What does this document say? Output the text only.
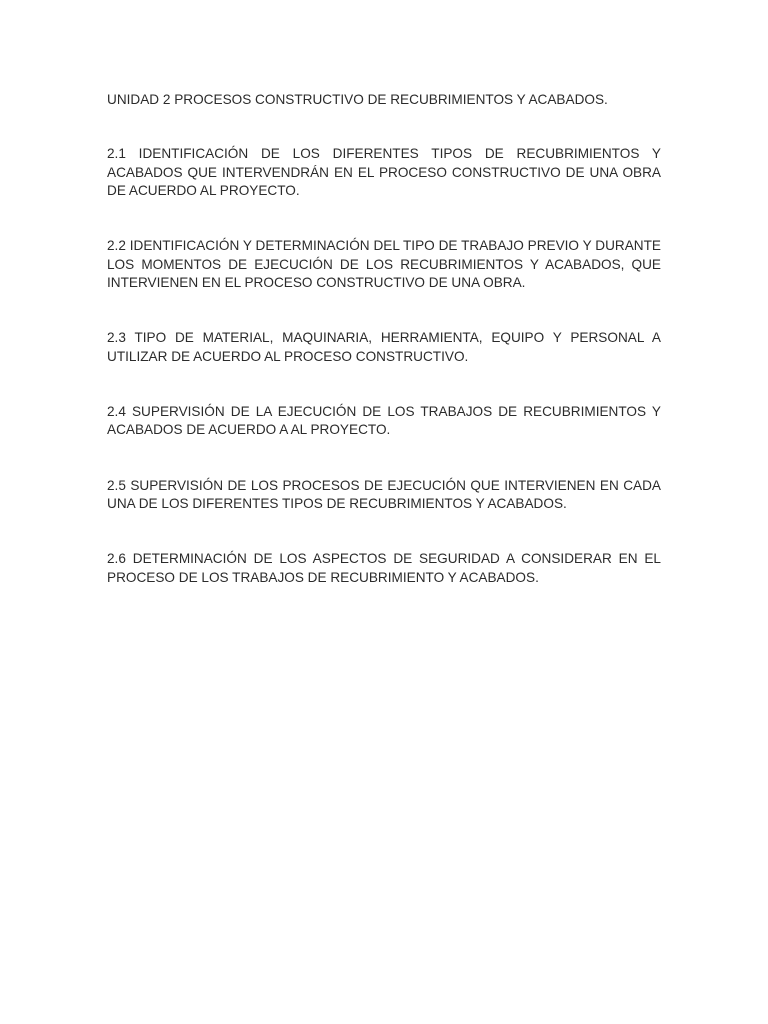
UNIDAD 2 PROCESOS CONSTRUCTIVO DE RECUBRIMIENTOS Y ACABADOS.

2.1 IDENTIFICACIÓN DE LOS DIFERENTES TIPOS DE RECUBRIMIENTOS Y ACABADOS QUE INTERVENDRÁN EN EL PROCESO CONSTRUCTIVO DE UNA OBRA DE ACUERDO AL PROYECTO.

2.2 IDENTIFICACIÓN Y DETERMINACIÓN DEL TIPO DE TRABAJO PREVIO Y DURANTE LOS MOMENTOS DE EJECUCIÓN DE LOS RECUBRIMIENTOS Y ACABADOS, QUE INTERVIENEN EN EL PROCESO CONSTRUCTIVO DE UNA OBRA.

2.3 TIPO DE MATERIAL, MAQUINARIA, HERRAMIENTA, EQUIPO Y PERSONAL A UTILIZAR DE ACUERDO AL PROCESO CONSTRUCTIVO.

2.4 SUPERVISIÓN DE LA EJECUCIÓN DE LOS TRABAJOS DE RECUBRIMIENTOS Y ACABADOS DE ACUERDO A AL PROYECTO.

2.5 SUPERVISIÓN DE LOS PROCESOS DE EJECUCIÓN QUE INTERVIENEN EN CADA UNA DE LOS DIFERENTES TIPOS DE RECUBRIMIENTOS Y ACABADOS.

2.6 DETERMINACIÓN DE LOS ASPECTOS DE SEGURIDAD A CONSIDERAR EN EL PROCESO DE LOS TRABAJOS DE RECUBRIMIENTO Y ACABADOS.
